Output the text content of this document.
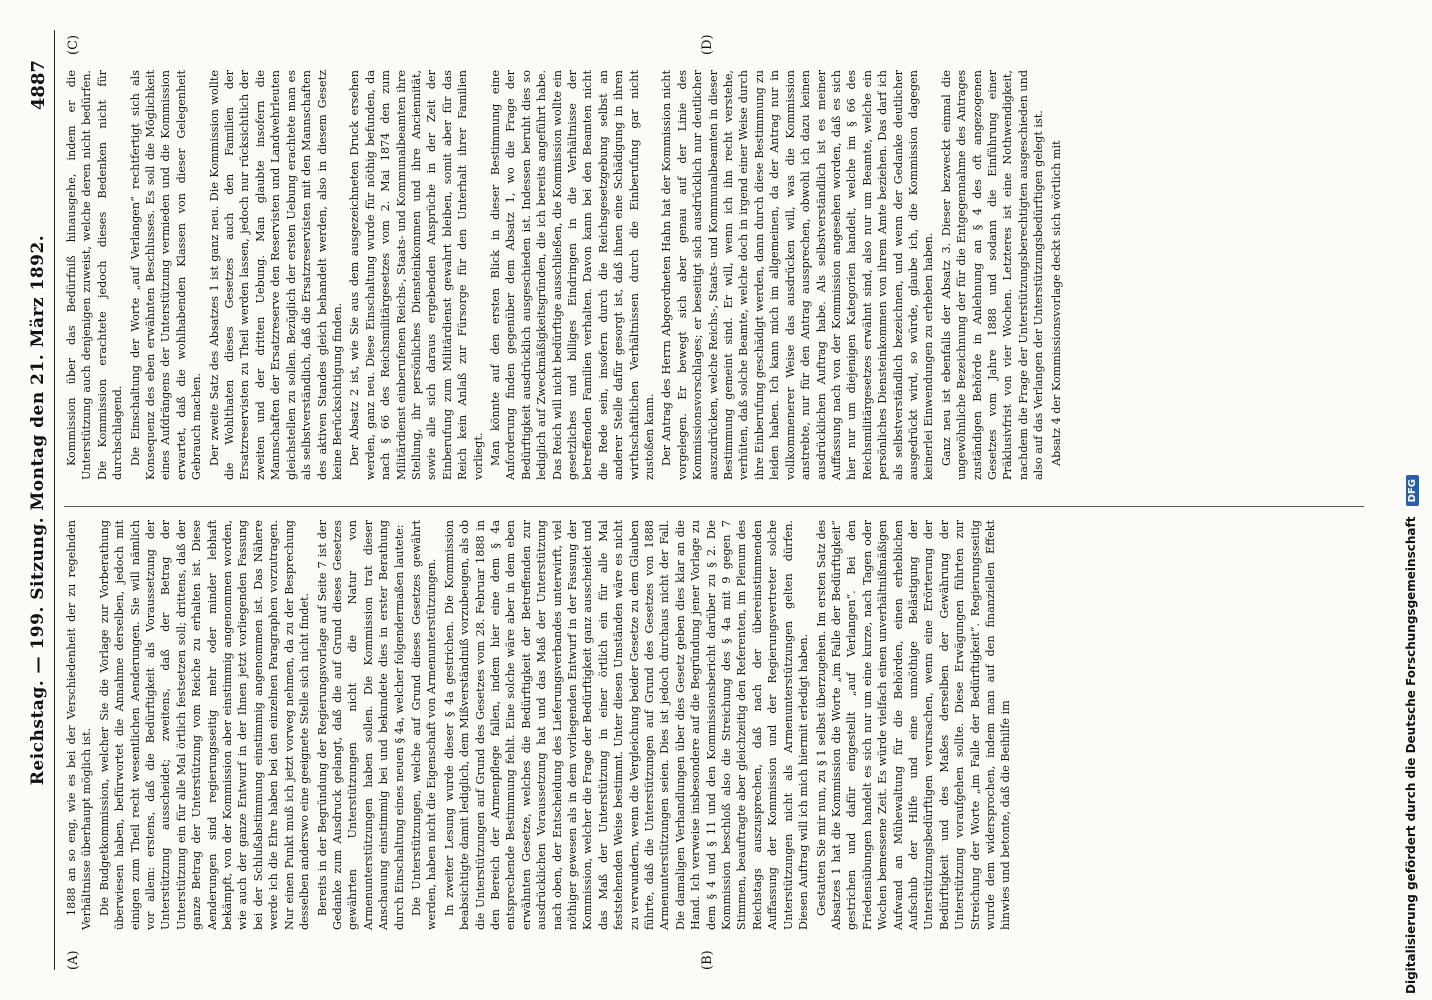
Reichstag. — 199. Sitzung. Montag den 21. März 1892.
4887
(A)	(B)
(C)	(D)

1888 an so eng, wie es bei der Verschiedenheit der zu regelnden Verhältnisse überhaupt möglich ist. Die Budgetkommission, welcher Sie die Vorlage zur Vorberathung überwiesen haben, befürwortet die Annahme derselben, jedoch mit einigen zum Theil recht wesentlichen Aenderungen. Sie will nämlich vor allem: erstens, daß die Bedürftigkeit als Voraussetzung der Unterstützung ausscheidet; zweitens, daß der Betrag der Unterstützung ein für alle Mal örtlich festsetzen soll; drittens, daß der ganze Betrag der Unterstützung vom Reiche zu erhalten ist. Diese Aenderungen sind regierungsseitig mehr oder minder lebhaft bekämpft, von der Kommission aber einstimmig angenommen worden, wie auch der ganze Entwurf in der Ihnen jetzt vorliegenden Fassung bei der Schlußabstimmung einstimmig angenommen ist. Das Nähere werde ich die Ehre haben bei den einzelnen Paragraphen vorzutragen. Nur einen Punkt muß ich jetzt vorweg nehmen, da zu der Besprechung desselben anderswo eine geeignete Stelle sich nicht findet. Bereits in der Begründung der Regierungsvorlage auf Seite 7 ist der Gedanke zum Ausdruck gelangt, daß die auf Grund dieses Gesetzes gewährten Unterstützungen nicht die Natur von Armenunterstützungen haben sollen. Die Kommission trat dieser Anschauung einstimmig bei und bekundete dies in erster Berathung durch Einschaltung eines neuen § 4a, welcher folgendermaßen lautete: Die Unterstützungen, welche auf Grund dieses Gesetzes gewährt werden, haben nicht die Eigenschaft von Armenunterstützungen. In zweiter Lesung wurde dieser § 4a gestrichen. Die Kommission beabsichtigte damit lediglich, dem Mißverständniß vorzubeugen, als ob die Unterstützungen auf Grund des Gesetzes vom 28. Februar 1888 in den Bereich der Armenpflege fallen, indem hier eine dem § 4a entsprechende Bestimmung fehlt. Eine solche wäre aber in dem eben erwähnten Gesetze, welches die Bedürftigkeit der Betreffenden zur ausdrücklichen Voraussetzung hat und das Maß der Unterstützung nach oben, der Entscheidung des Lieferungsverbandes unterwirft, viel nöthiger gewesen als in dem vorliegenden Entwurf in der Fassung der Kommission, welcher die Frage der Bedürftigkeit ganz ausscheidet und das Maß der Unterstützung in einer örtlich ein für alle Mal feststehenden Weise bestimmt. Unter diesen Umständen wäre es nicht zu verwundern, wenn die Vergleichung beider Gesetze zu dem Glauben führte, daß die Unterstützungen auf Grund des Gesetzes von 1888 Armenunterstützungen seien. Dies ist jedoch durchaus nicht der Fall. Die damaligen Verhandlungen über dies Gesetz geben dies klar an die Hand. Ich verweise insbesondere auf die Begründung jener Vorlage zu dem § 4 und § 11 und den Kommissionsbericht darüber zu § 2. Die Kommission beschloß also die Streichung des § 4a mit 9 gegen 7 Stimmen, beauftragte aber gleichzeitig den Referenten, im Plenum des Reichstags auszusprechen, daß nach der übereinstimmenden Auffassung der Kommission und der Regierungsvertreter solche Unterstützungen nicht als Armenunterstützungen gelten dürfen. Diesen Auftrag will ich mich hiermit erledigt haben. Gestatten Sie mir nun, zu § 1 selbst überzugehen. Im ersten Satz des Absatzes 1 hat die Kommission die Worte „im Falle der Bedürftigkeit“ gestrichen und dafür eingestellt „auf Verlangen“. Bei den Friedensübungen handelt es sich nur um eine kurze, nach Tagen oder Wochen bemessene Zeit. Es würde vielfach einen unverhältnißmäßigen Aufwand an Mühewaltung für die Behörden, einen erheblichen Aufschub der Hilfe und eine unnöthige Belästigung der Unterstützungsbedürftigen verursachen, wenn eine Erörterung der Bedürftigkeit und des Maßes derselben der Gewährung der Unterstützung voraufgehen sollte. Diese Erwägungen führten zur Streichung der Worte „im Falle der Bedürftigkeit“. Regierungsseitig wurde dem widersprochen, indem man auf den finanziellen Effekt hinwies und betonte, daß die Beihilfe im

Kommission über das Bedürfniß hinausgehe, indem er die Unterstützung auch denjenigen zuweist, welche deren nicht bedürfen. Die Kommission erachtete jedoch dieses Bedenken nicht für durchschlagend. Die Einschaltung der Worte „auf Verlangen“ rechtfertigt sich als Konsequenz des eben erwähnten Beschlusses. Es soll die Möglichkeit eines Aufdrängens der Unterstützung vermieden und die Kommission erwartet, daß die wohlhabenden Klassen von dieser Gelegenheit Gebrauch machen. Der zweite Satz des Absatzes 1 ist ganz neu. Die Kommission wollte die Wohlthaten dieses Gesetzes auch den Familien der Ersatzreservisten zu Theil werden lassen, jedoch nur rücksichtlich der zweiten und der dritten Uebung. Man glaubte insofern die Mannschaften der Ersatzreserve den Reservisten und Landwehrleuten gleichstellen zu sollen. Bezüglich der ersten Uebung erachtete man es als selbstverständlich, daß die Ersatzreservisten mit den Mannschaften des aktiven Standes gleich behandelt werden, also in diesem Gesetz keine Berücksichtigung finden. Der Absatz 2 ist, wie Sie aus dem ausgezeichneten Druck ersehen werden, ganz neu. Diese Einschaltung wurde für nöthig befunden, da nach § 66 des Reichsmilitärgesetzes vom 2. Mai 1874 den zum Militärdienst einberufenen Reichs-, Staats- und Kommunalbeamten ihre Stellung, ihr persönliches Diensteinkommen und ihre Anciennität, sowie alle sich daraus ergebenden Ansprüche in der Zeit der Einberufung zum Militärdienst gewahrt bleiben, somit aber für das Reich kein Anlaß zur Fürsorge für den Unterhalt ihrer Familien vorliegt. Man könnte auf den ersten Blick in dieser Bestimmung eine Anforderung finden gegenüber dem Absatz 1, wo die Frage der Bedürftigkeit ausdrücklich ausgeschieden ist. Indessen beruht dies so lediglich auf Zweckmäßigkeitsgründen, die ich bereits angeführt habe. Das Reich will nicht bedürftige ausschließen, die Kommission wollte ein gesetzliches und billiges Eindringen in die Verhältnisse der betreffenden Familien verhalten. Davon kann bei den Beamten nicht die Rede sein, insofern durch die Reichsgesetzgebung selbst an anderer Stelle dafür gesorgt ist, daß ihnen eine Schädigung in ihren wirthschaftlichen Verhältnissen durch die Einberufung gar nicht zustoßen kann. Der Antrag des Herrn Abgeordneten Hahn hat der Kommission nicht vorgelegen. Er bewegt sich aber genau auf der Linie des Kommissionsvorschlages; er beseitigt sich ausdrücklich nur deutlicher auszudrücken, welche Reichs-, Staats- und Kommunalbeamten in dieser Bestimmung gemeint sind. Er will, wenn ich ihn recht verstehe, verhüten, daß solche Beamte, welche doch in irgend einer Weise durch ihre Einberufung geschädigt werden, dann durch diese Bestimmung zu leiden haben. Ich kann mich im allgemeinen, da der Antrag nur in vollkommenerer Weise das ausdrücken will, was die Kommission anstrebte, nur für den Antrag aussprechen, obwohl ich dazu keinen ausdrücklichen Auftrag habe. Als selbstverständlich ist es meiner Auffassung nach von der Kommission angesehen worden, daß es sich hier nur um diejenigen Kategorien handelt, welche im § 66 des Reichsmilitärgesetzes erwähnt sind, also nur um Beamte, welche ein persönliches Diensteinkommen von ihrem Amte beziehen. Das darf ich als selbstverständlich bezeichnen, und wenn der Gedanke deutlicher ausgedrückt wird, so würde, glaube ich, die Kommission dagegen keinerlei Einwendungen zu erheben haben. Ganz neu ist ebenfalls der Absatz 3. Dieser bezweckt einmal die ungewöhnliche Bezeichnung der für die Entgegennahme des Antrages zuständigen Behörde in Anlehnung an § 4 des oft angezogenen Gesetzes vom Jahre 1888 und sodann die Einführung einer Präklusivfrist von vier Wochen. Letzteres ist eine Nothwendigkeit, nachdem die Frage der Unterstützungsberechtigten ausgeschieden und also auf das Verlangen der Unterstützungsbedürftigen gelegt ist. Absatz 4 der Kommissionsvorlage deckt sich wörtlich mit

Digitalisierung gefördert durch die Deutsche Forschungsgemeinschaft DFG
